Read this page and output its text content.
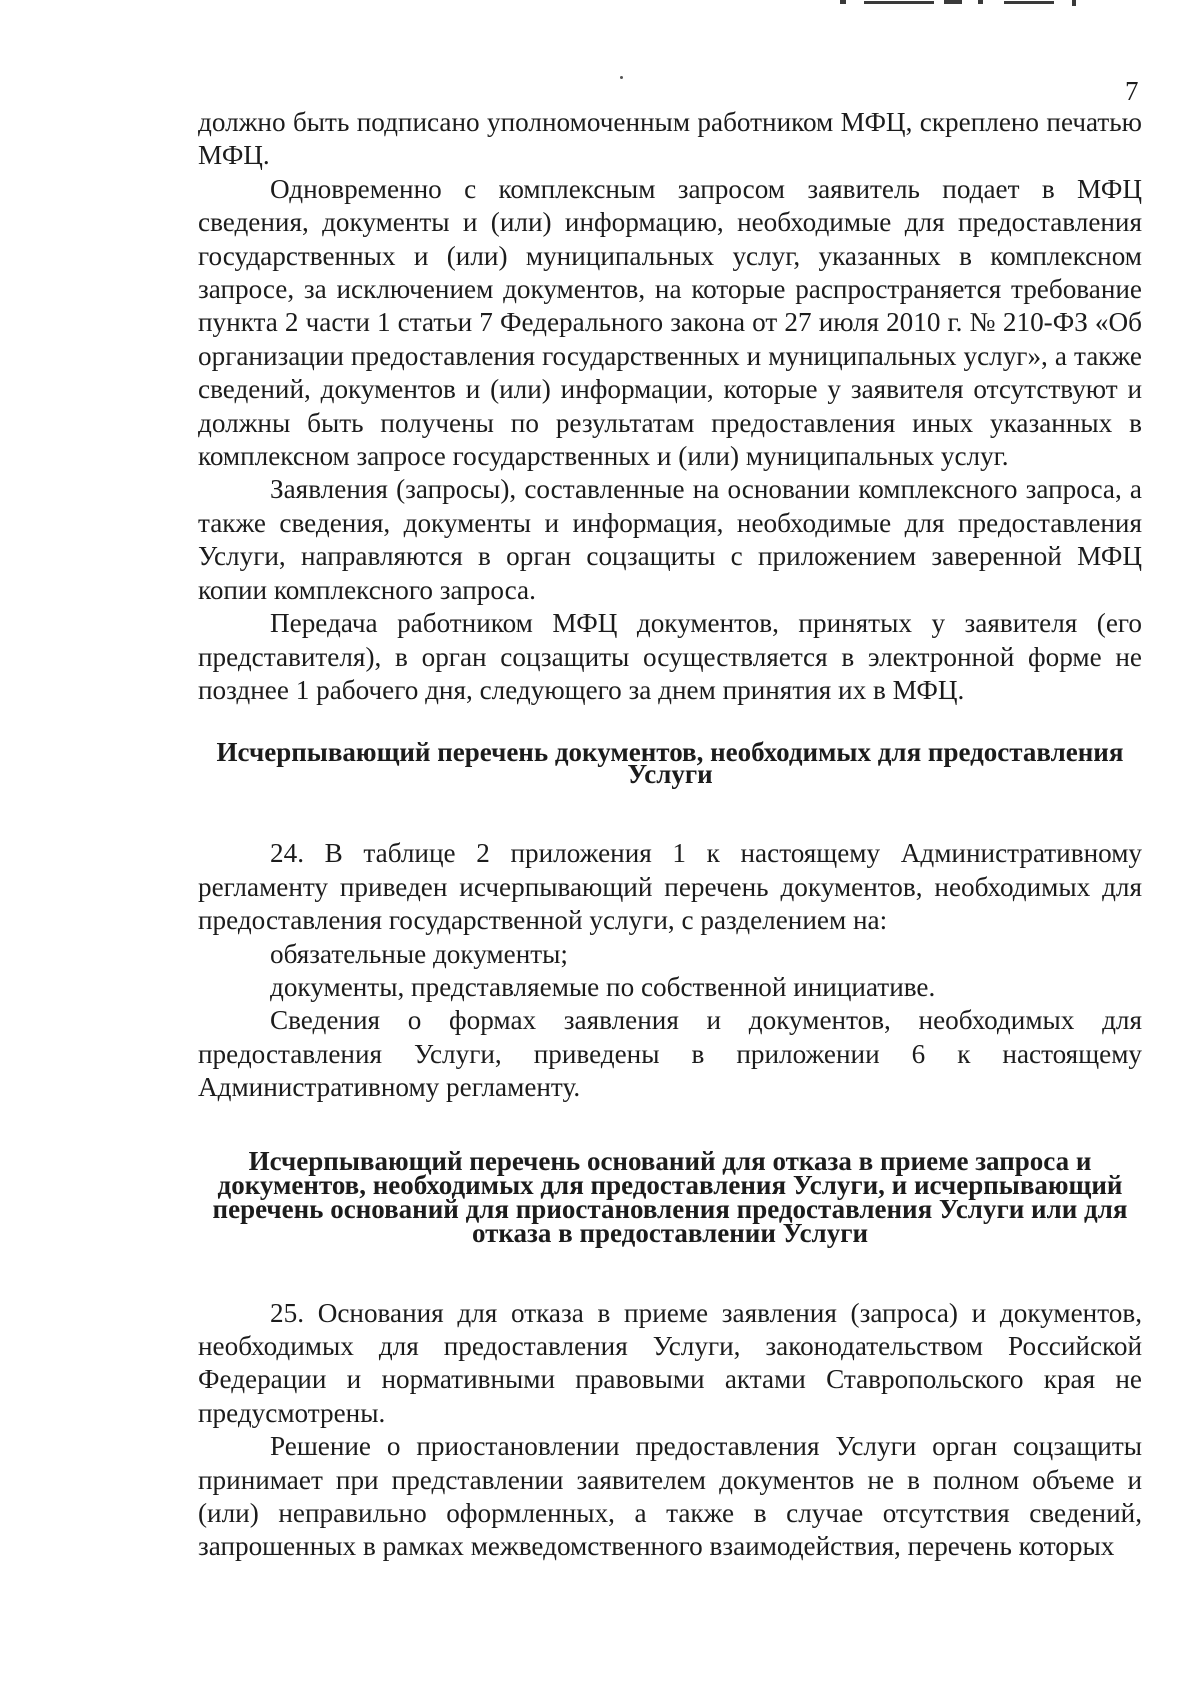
7

должно быть подписано уполномоченным работником МФЦ, скреплено печатью МФЦ.

Одновременно с комплексным запросом заявитель подает в МФЦ сведения, документы и (или) информацию, необходимые для предоставления государственных и (или) муниципальных услуг, указанных в комплексном запросе, за исключением документов, на которые распространяется требование пункта 2 части 1 статьи 7 Федерального закона от 27 июля 2010 г. № 210-ФЗ «Об организации предоставления государственных и муниципальных услуг», а также сведений, документов и (или) информации, которые у заявителя отсутствуют и должны быть получены по результатам предоставления иных указанных в комплексном запросе государственных и (или) муниципальных услуг.

Заявления (запросы), составленные на основании комплексного запроса, а также сведения, документы и информация, необходимые для предоставления Услуги, направляются в орган соцзащиты с приложением заверенной МФЦ копии комплексного запроса.

Передача работником МФЦ документов, принятых у заявителя (его представителя), в орган соцзащиты осуществляется в электронной форме не позднее 1 рабочего дня, следующего за днем принятия их в МФЦ.

Исчерпывающий перечень документов, необходимых для предоставления Услуги

24. В таблице 2 приложения 1 к настоящему Административному регламенту приведен исчерпывающий перечень документов, необходимых для предоставления государственной услуги, с разделением на:

обязательные документы;

документы, представляемые по собственной инициативе.

Сведения о формах заявления и документов, необходимых для предоставления Услуги, приведены в приложении 6 к настоящему Административному регламенту.

Исчерпывающий перечень оснований для отказа в приеме запроса и документов, необходимых для предоставления Услуги, и исчерпывающий перечень оснований для приостановления предоставления Услуги или для отказа в предоставлении Услуги

25. Основания для отказа в приеме заявления (запроса) и документов, необходимых для предоставления Услуги, законодательством Российской Федерации и нормативными правовыми актами Ставропольского края не предусмотрены.

Решение о приостановлении предоставления Услуги орган соцзащиты принимает при представлении заявителем документов не в полном объеме и (или) неправильно оформленных, а также в случае отсутствия сведений, запрошенных в рамках межведомственного взаимодействия, перечень которых
